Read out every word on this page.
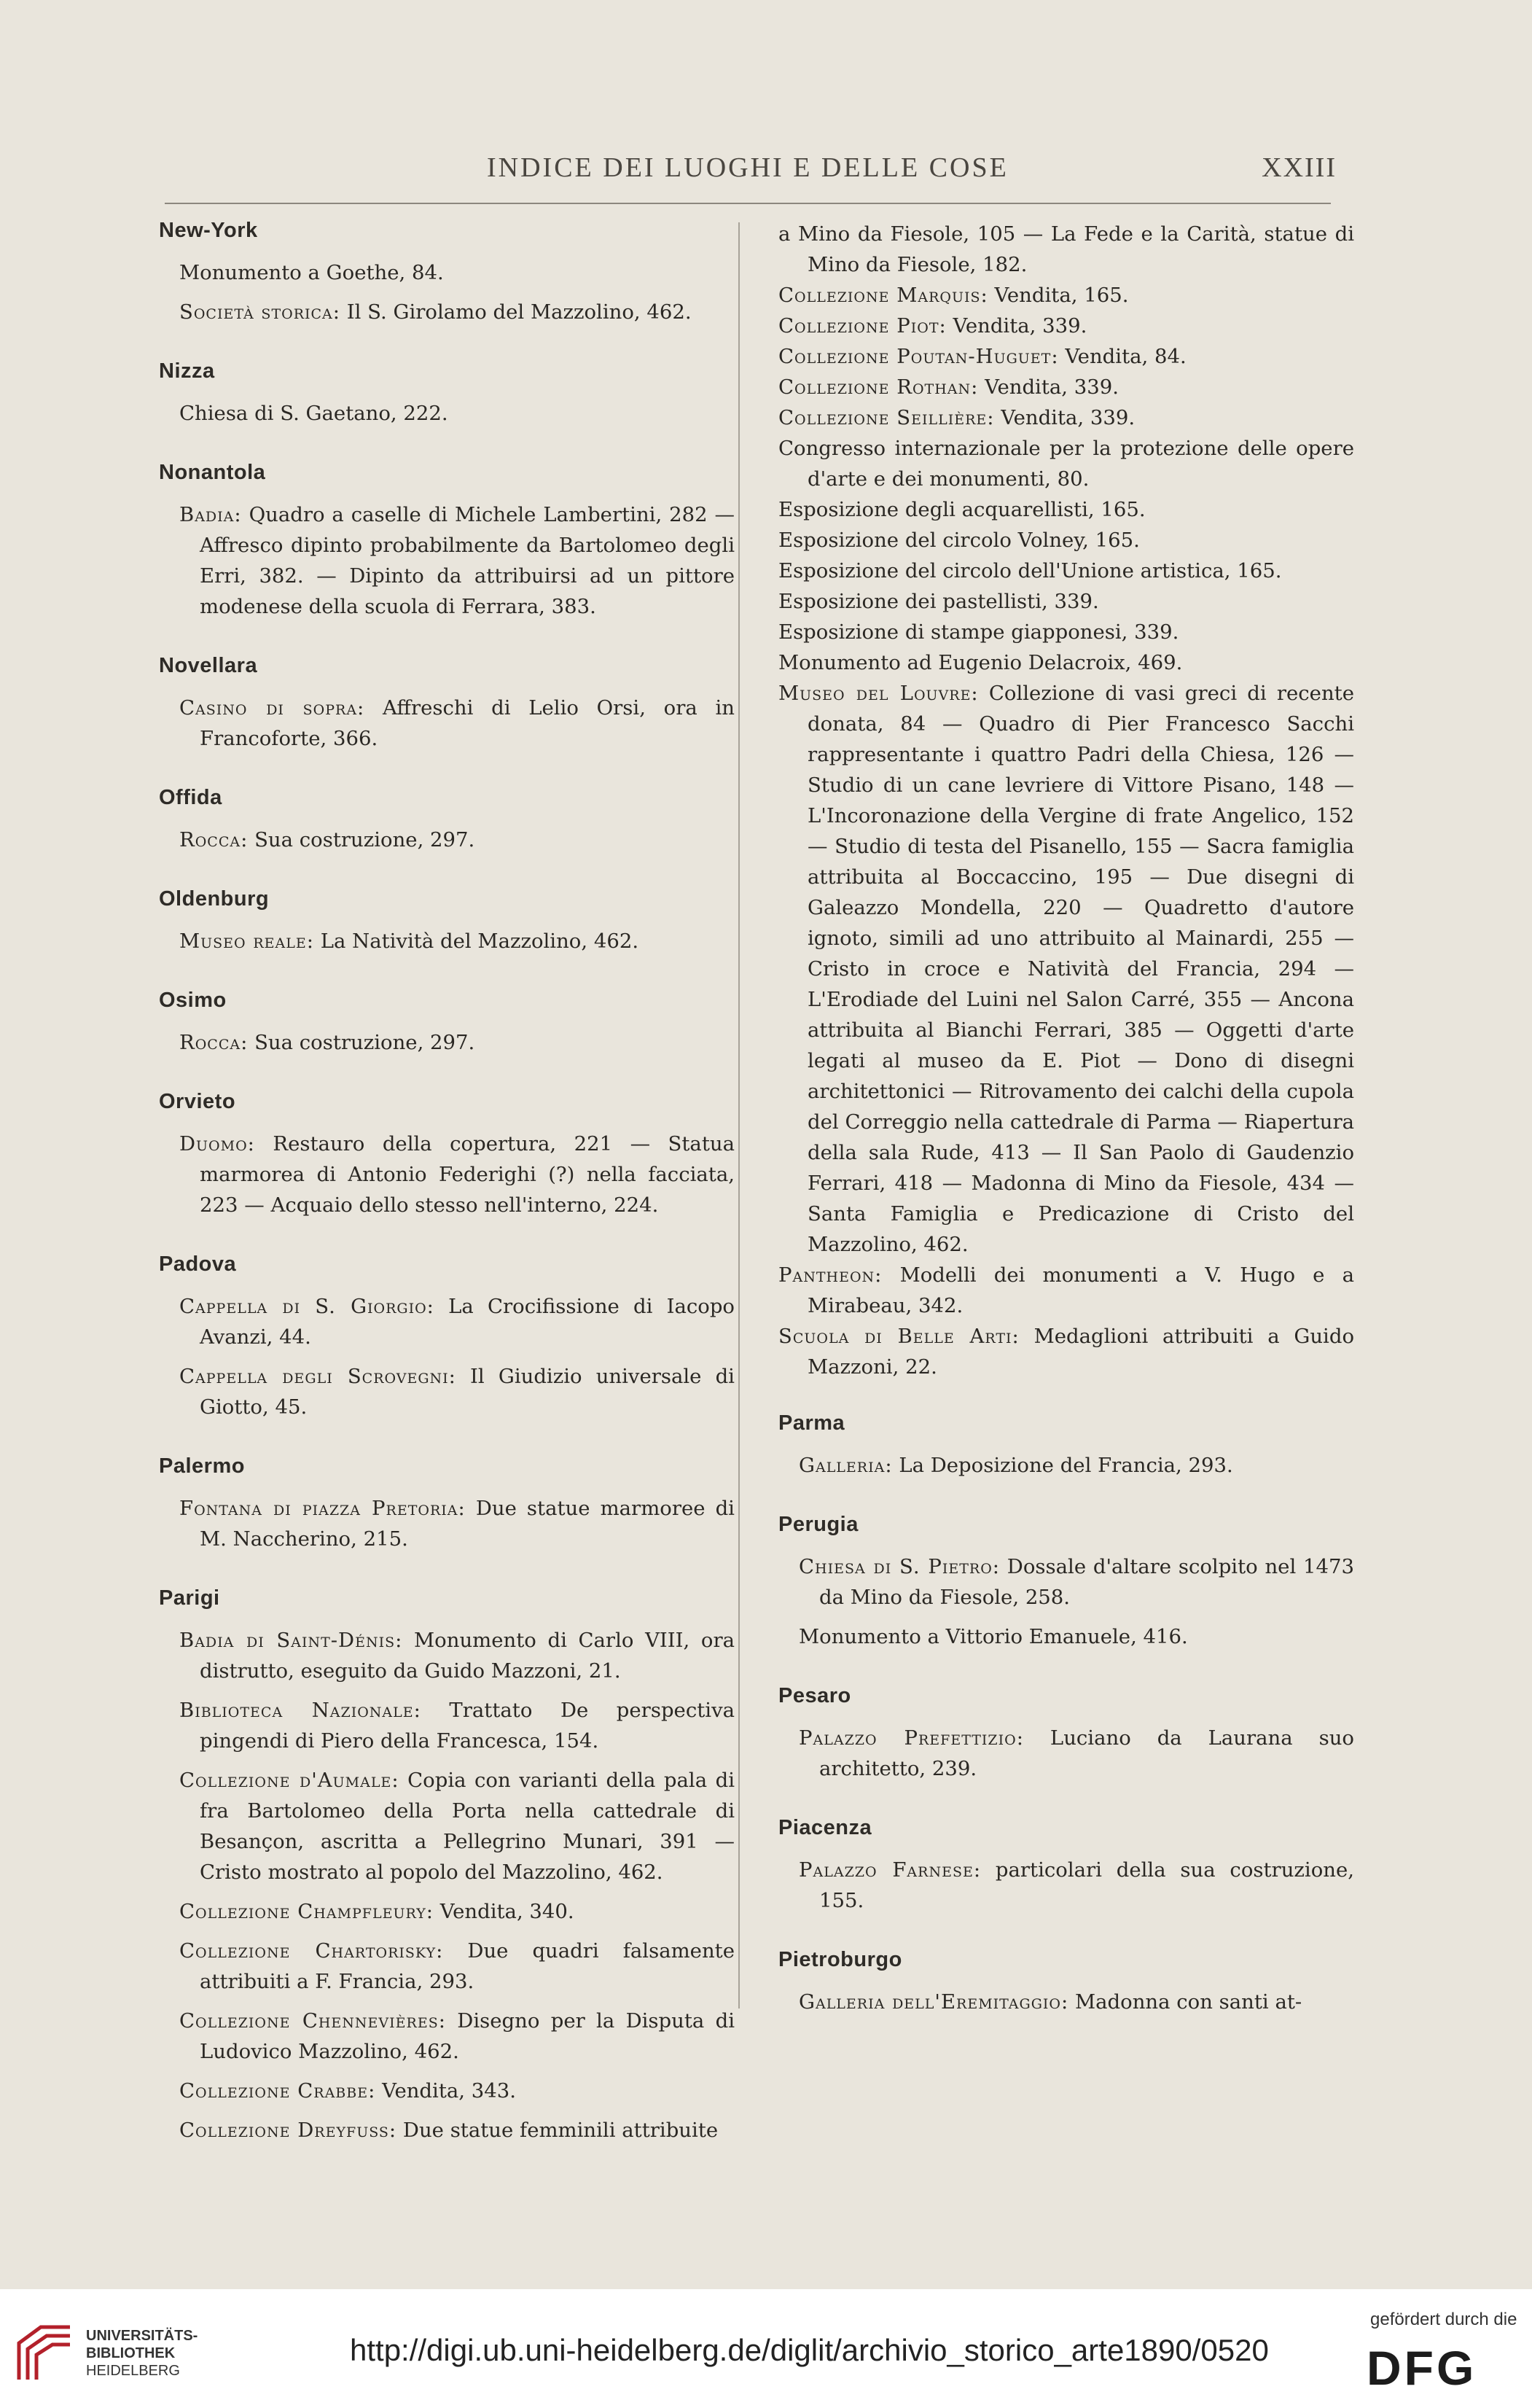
INDICE DEI LUOGHI E DELLE COSE	XXIII
New-York
Monumento a Goethe, 84.
Società storica: Il S. Girolamo del Mazzolino, 462.
Nizza
Chiesa di S. Gaetano, 222.
Nonantola
Badia: Quadro a caselle di Michele Lambertini, 282 — Affresco dipinto probabilmente da Bartolomeo degli Erri, 382. — Dipinto da attribuirsi ad un pittore modenese della scuola di Ferrara, 383.
Novellara
Casino di sopra: Affreschi di Lelio Orsi, ora in Francoforte, 366.
Offida
Rocca: Sua costruzione, 297.
Oldenburg
Museo reale: La Natività del Mazzolino, 462.
Osimo
Rocca: Sua costruzione, 297.
Orvieto
Duomo: Restauro della copertura, 221 — Statua marmorea di Antonio Federighi (?) nella facciata, 223 — Acquaio dello stesso nell'interno, 224.
Padova
Cappella di S. Giorgio: La Crocifissione di Iacopo Avanzi, 44.
Cappella degli Scrovegni: Il Giudizio universale di Giotto, 45.
Palermo
Fontana di piazza Pretoria: Due statue marmoree di M. Naccherino, 215.
Parigi
Badia di Saint-Dénis: Monumento di Carlo VIII, ora distrutto, eseguito da Guido Mazzoni, 21.
Biblioteca Nazionale: Trattato De perspectiva pingendi di Piero della Francesca, 154.
Collezione d'Aumale: Copia con varianti della pala di fra Bartolomeo della Porta nella cattedrale di Besançon, ascritta a Pellegrino Munari, 391 — Cristo mostrato al popolo del Mazzolino, 462.
Collezione Champfleury: Vendita, 340.
Collezione Chartorisky: Due quadri falsamente attribuiti a F. Francia, 293.
Collezione Chennevières: Disegno per la Disputa di Ludovico Mazzolino, 462.
Collezione Crabbe: Vendita, 343.
Collezione Dreyfuss: Due statue femminili attribuite
a Mino da Fiesole, 105 — La Fede e la Carità, statue di Mino da Fiesole, 182.
Collezione Marquis: Vendita, 165.
Collezione Piot: Vendita, 339.
Collezione Poutan-Huguet: Vendita, 84.
Collezione Rothan: Vendita, 339.
Collezione Seillière: Vendita, 339.
Congresso internazionale per la protezione delle opere d'arte e dei monumenti, 80.
Esposizione degli acquarellisti, 165.
Esposizione del circolo Volney, 165.
Esposizione del circolo dell'Unione artistica, 165.
Esposizione dei pastellisti, 339.
Esposizione di stampe giapponesi, 339.
Monumento ad Eugenio Delacroix, 469.
Museo del Louvre: Collezione di vasi greci di recente donata, 84 — Quadro di Pier Francesco Sacchi rappresentante i quattro Padri della Chiesa, 126 — Studio di un cane levriere di Vittore Pisano, 148 — L'Incoronazione della Vergine di frate Angelico, 152 — Studio di testa del Pisanello, 155 — Sacra famiglia attribuita al Boccaccino, 195 — Due disegni di Galeazzo Mondella, 220 — Quadretto d'autore ignoto, simili ad uno attribuito al Mainardi, 255 — Cristo in croce e Natività del Francia, 294 — L'Erodiade del Luini nel Salon Carré, 355 — Ancona attribuita al Bianchi Ferrari, 385 — Oggetti d'arte legati al museo da E. Piot — Dono di disegni architettonici — Ritrovamento dei calchi della cupola del Correggio nella cattedrale di Parma — Riapertura della sala Rude, 413 — Il San Paolo di Gaudenzio Ferrari, 418 — Madonna di Mino da Fiesole, 434 — Santa Famiglia e Predicazione di Cristo del Mazzolino, 462.
Pantheon: Modelli dei monumenti a V. Hugo e a Mirabeau, 342.
Scuola di Belle Arti: Medaglioni attribuiti a Guido Mazzoni, 22.
Parma
Galleria: La Deposizione del Francia, 293.
Perugia
Chiesa di S. Pietro: Dossale d'altare scolpito nel 1473 da Mino da Fiesole, 258.
Monumento a Vittorio Emanuele, 416.
Pesaro
Palazzo Prefettizio: Luciano da Laurana suo architetto, 239.
Piacenza
Palazzo Farnese: particolari della sua costruzione, 155.
Pietroburgo
Galleria dell'Eremitaggio: Madonna con santi at-
UNIVERSITÄTS-
BIBLIOTHEK
HEIDELBERG
http://digi.ub.uni-heidelberg.de/diglit/archivio_storico_arte1890/0520
gefördert durch die
DFG
